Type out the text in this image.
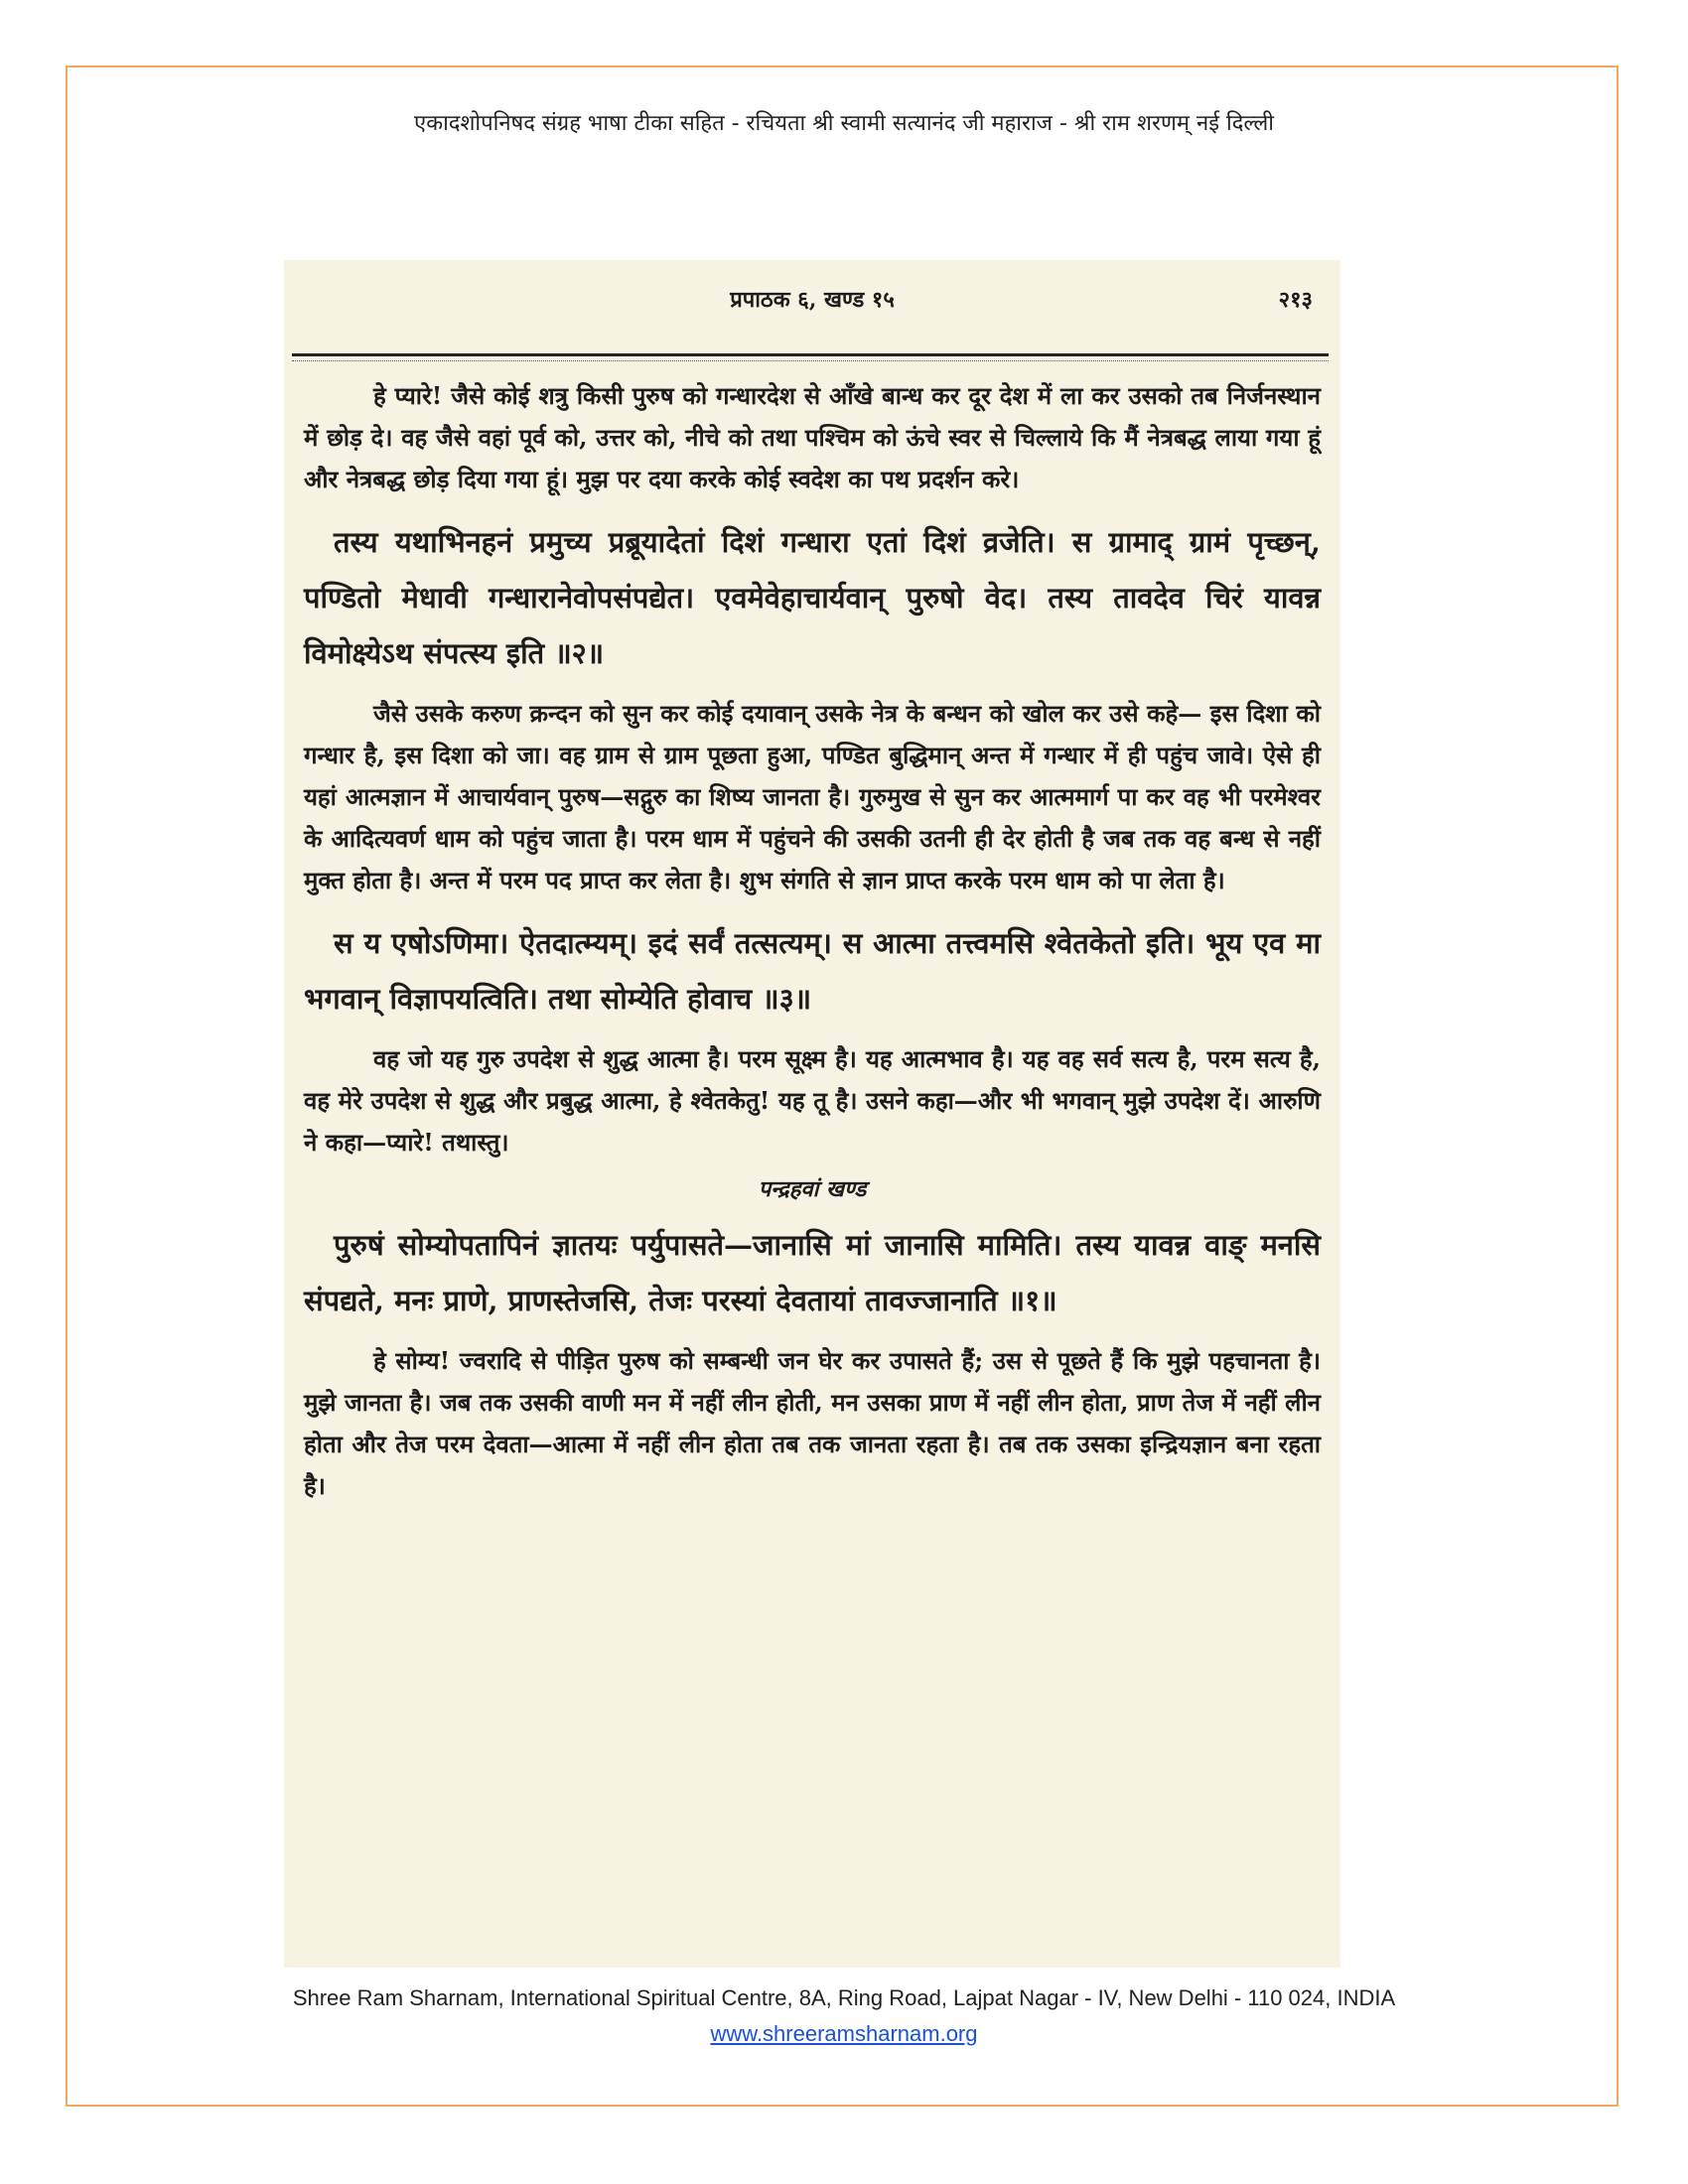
एकादशोपनिषद संग्रह भाषा टीका सहित - रचियता श्री स्वामी सत्यानंद जी महाराज - श्री राम शरणम् नई दिल्ली
प्रपाठक ६, खण्ड १५	२१३

हे प्यारे! जैसे कोई शत्रु किसी पुरुष को गन्धारदेश से आँखे बान्ध कर दूर देश में ला कर उसको तब निर्जनस्थान में छोड़ दे। वह जैसे वहां पूर्व को, उत्तर को, नीचे को तथा पश्चिम को ऊंचे स्वर से चिल्लाये कि मैं नेत्रबद्ध लाया गया हूं और नेत्रबद्ध छोड़ दिया गया हूं। मुझ पर दया करके कोई स्वदेश का पथ प्रदर्शन करे।

तस्य यथाभिनहनं प्रमुच्य प्रब्रूयादेतां दिशं गन्धारा एतां दिशं व्रजेति। स ग्रामाद् ग्रामं पृच्छन्, पण्डितो मेधावी गन्धारानेवोपसंपद्येत। एवमेवेहाचार्यवान् पुरुषो वेद। तस्य तावदेव चिरं यावन्न विमोक्ष्येऽथ संपत्स्य इति ॥२॥

जैसे उसके करुण क्रन्दन को सुन कर कोई दयावान् उसके नेत्र के बन्धन को खोल कर उसे कहे— इस दिशा को गन्धार है, इस दिशा को जा। वह ग्राम से ग्राम पूछता हुआ, पण्डित बुद्धिमान् अन्त में गन्धार में ही पहुंच जावे। ऐसे ही यहां आत्मज्ञान में आचार्यवान् पुरुष—सद्गुरु का शिष्य जानता है। गुरुमुख से सुन कर आत्ममार्ग पा कर वह भी परमेश्वर के आदित्यवर्ण धाम को पहुंच जाता है। परम धाम में पहुंचने की उसकी उतनी ही देर होती है जब तक वह बन्ध से नहीं मुक्त होता है। अन्त में परम पद प्राप्त कर लेता है। शुभ संगति से ज्ञान प्राप्त करके परम धाम को पा लेता है।

स य एषोऽणिमा। ऐतदात्म्यम्। इदं सर्वं तत्सत्यम्। स आत्मा तत्त्वमसि श्वेतकेतो इति। भूय एव मा भगवान् विज्ञापयत्विति। तथा सोम्येति होवाच ॥३॥

वह जो यह गुरु उपदेश से शुद्ध आत्मा है। परम सूक्ष्म है। यह आत्मभाव है। यह वह सर्व सत्य है, परम सत्य है, वह मेरे उपदेश से शुद्ध और प्रबुद्ध आत्मा, हे श्वेतकेतु! यह तू है। उसने कहा—और भी भगवान् मुझे उपदेश दें। आरुणि ने कहा—प्यारे! तथास्तु।

पन्द्रहवां खण्ड

पुरुषं सोम्योपतापिनं ज्ञातयः पर्युपासते—जानासि मां जानासि मामिति। तस्य यावन्न वाङ् मनसि संपद्यते, मनः प्राणे, प्राणस्तेजसि, तेजः परस्यां देवतायां तावज्जानाति ॥१॥

हे सोम्य! ज्वरादि से पीड़ित पुरुष को सम्बन्धी जन घेर कर उपासते हैं; उस से पूछते हैं कि मुझे पहचानता है। मुझे जानता है। जब तक उसकी वाणी मन में नहीं लीन होती, मन उसका प्राण में नहीं लीन होता, प्राण तेज में नहीं लीन होता और तेज परम देवता—आत्मा में नहीं लीन होता तब तक जानता रहता है। तब तक उसका इन्द्रियज्ञान बना रहता है।

Shree Ram Sharnam, International Spiritual Centre, 8A, Ring Road, Lajpat Nagar - IV, New Delhi - 110 024, INDIA
www.shreeramsharnam.org
